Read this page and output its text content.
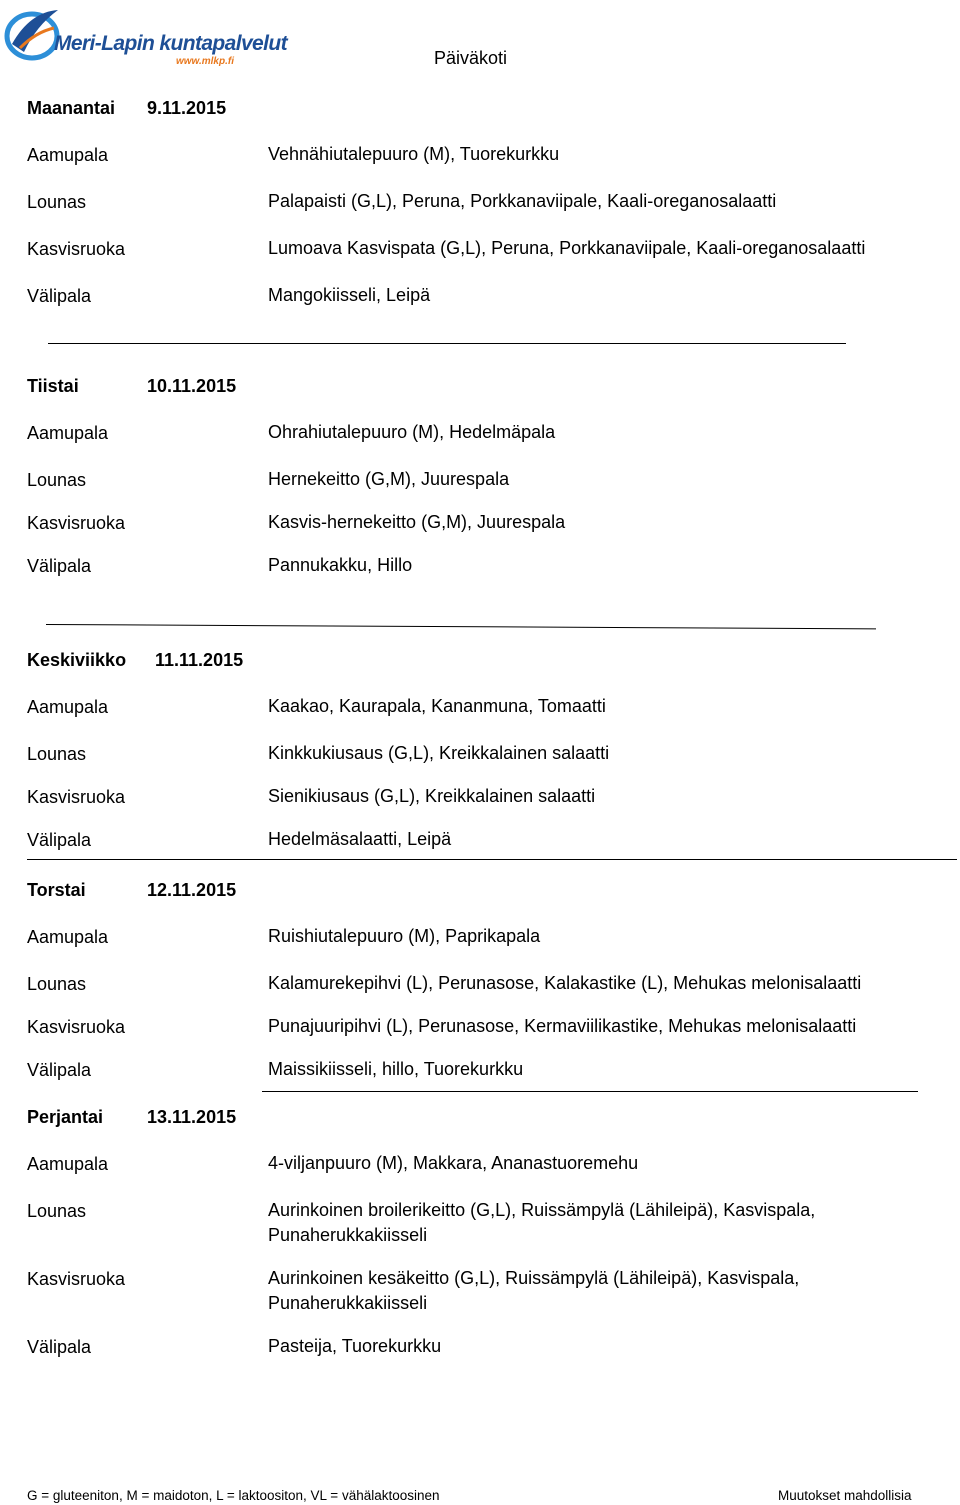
Meri-Lapin kuntapalvelut
www.mlkp.fi	Päiväkoti
Maanantai 9.11.2015
Aamupala	Vehnähiutalepuuro (M), Tuorekurkku
Lounas	Palapaisti (G,L), Peruna, Porkkanaviipale, Kaali-oreganosalaatti
Kasvisruoka	Lumoava Kasvispata (G,L), Peruna, Porkkanaviipale, Kaali-oreganosalaatti
Välipala	Mangokiisseli, Leipä
Tiistai	10.11.2015
Aamupala	Ohrahiutalepuuro (M), Hedelmäpala
Lounas	Hernekeitto (G,M), Juurespala
Kasvisruoka	Kasvis-hernekeitto (G,M), Juurespala
Välipala	Pannukakku, Hillo
Keskiviikko 11.11.2015
Aamupala	Kaakao, Kaurapala, Kananmuna, Tomaatti
Lounas	Kinkkukiusaus (G,L), Kreikkalainen salaatti
Kasvisruoka	Sienikiusaus (G,L), Kreikkalainen salaatti
Välipala	Hedelmäsalaatti, Leipä
Torstai	12.11.2015
Aamupala	Ruishiutalepuuro (M), Paprikapala
Lounas	Kalamurekepihvi (L), Perunasose, Kalakastike (L), Mehukas melonisalaatti
Kasvisruoka	Punajuuripihvi (L), Perunasose, Kermaviilikastike, Mehukas melonisalaatti
Välipala	Maissikiisseli, hillo, Tuorekurkku
Perjantai 13.11.2015
Aamupala	4-viljanpuuro (M), Makkara, Ananastuoremehu
Lounas	Aurinkoinen broilerikeitto (G,L), Ruissämpylä (Lähileipä), Kasvispala, Punaherukkakiisseli
Kasvisruoka	Aurinkoinen kesäkeitto (G,L), Ruissämpylä (Lähileipä), Kasvispala, Punaherukkakiisseli
Välipala	Pasteija, Tuorekurkku
G = gluteeniton, M = maidoton, L = laktoositon, VL = vähälaktoosinen	Muutokset mahdollisia
